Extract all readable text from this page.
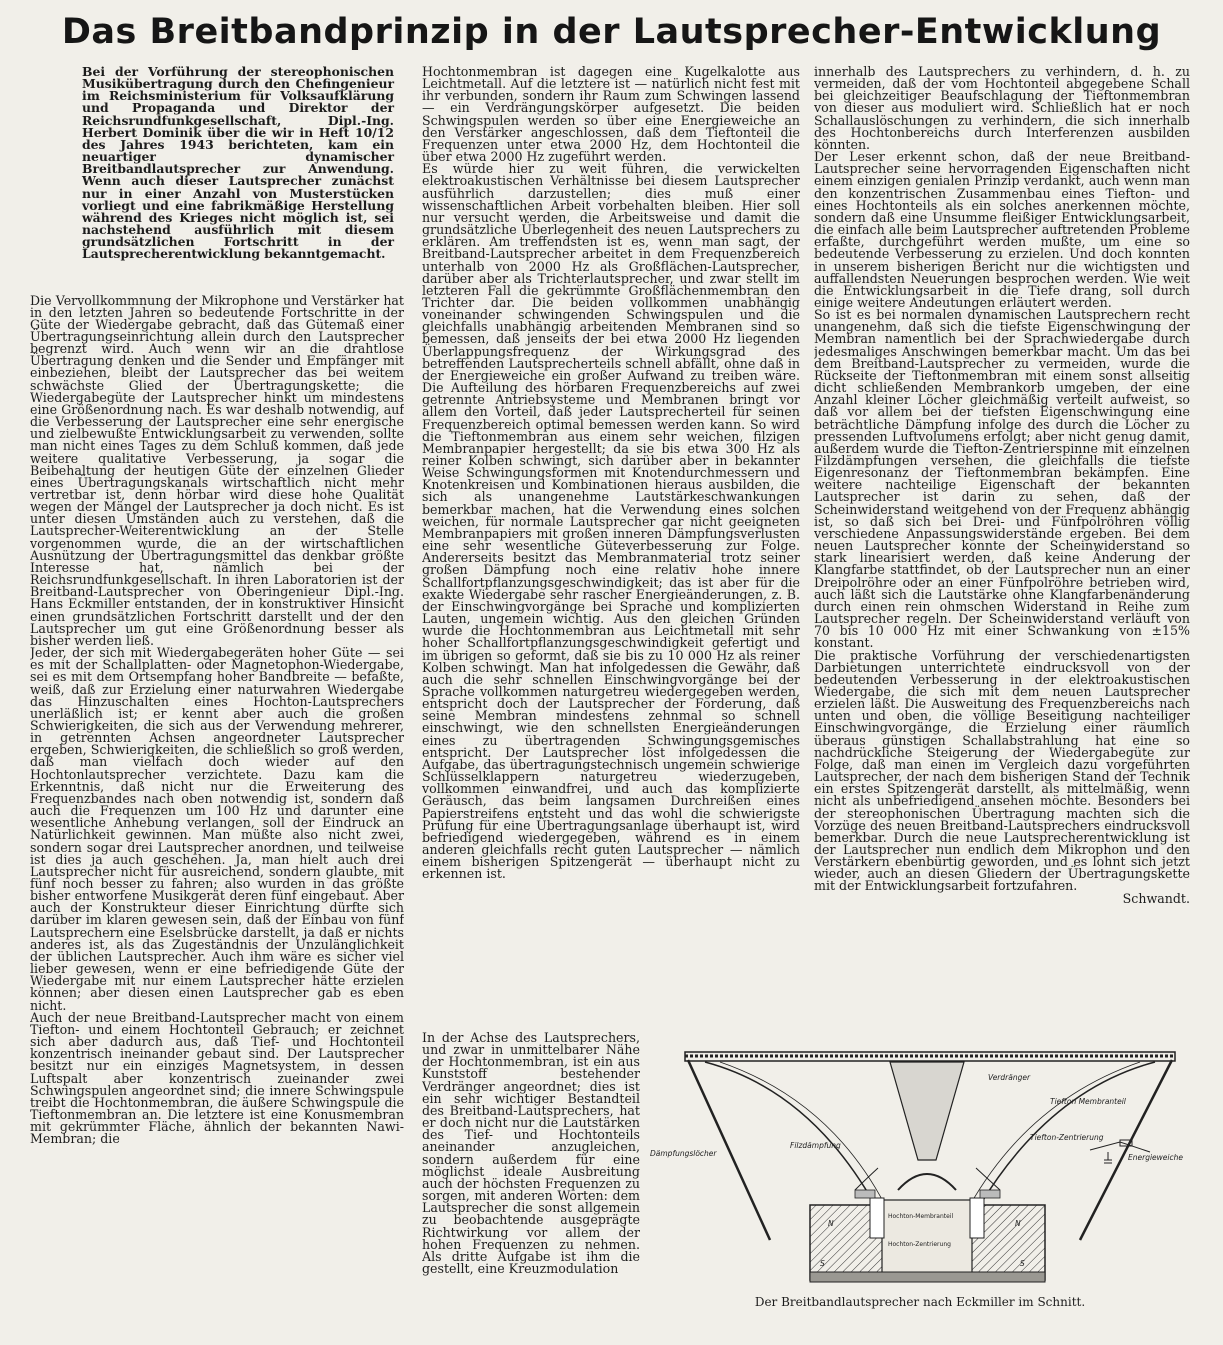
Das Breitbandprinzip in der Lautsprecher-Entwicklung

Bei der Vorführung der stereophonischen Musikübertragung durch den Chefingenieur im Reichsministerium für Volksaufklärung und Propaganda und Direktor der Reichsrundfunkgesellschaft, Dipl.-Ing. Herbert Dominik über die wir in Heft 10/12 des Jahres 1943 berichteten, kam ein neuartiger dynamischer Breitbandlautsprecher zur Anwendung. Wenn auch dieser Lautsprecher zunächst nur in einer Anzahl von Musterstücken vorliegt und eine fabrikmäßige Herstellung während des Krieges nicht möglich ist, sei nachstehend ausführlich mit diesem grundsätzlichen Fortschritt in der Lautsprecherentwicklung bekanntgemacht.

Die Vervollkommnung der Mikrophone und Verstärker hat in den letzten Jahren so bedeutende Fortschritte in der Güte der Wiedergabe gebracht, daß das Gütemaß einer Übertragungseinrichtung allein durch den Lautsprecher begrenzt wird. Auch wenn wir an die drahtlose Übertragung denken und die Sender und Empfänger mit einbeziehen, bleibt der Lautsprecher das bei weitem schwächste Glied der Übertragungskette; die Wiedergabegüte der Lautsprecher hinkt um mindestens eine Größenordnung nach. Es war deshalb notwendig, auf die Verbesserung der Lautsprecher eine sehr energische und zielbewußte Entwicklungsarbeit zu verwenden, sollte man nicht eines Tages zu dem Schluß kommen, daß jede weitere qualitative Verbesserung, ja sogar die Beibehaltung der heutigen Güte der einzelnen Glieder eines Übertragungskanals wirtschaftlich nicht mehr vertretbar ist, denn hörbar wird diese hohe Qualität wegen der Mängel der Lautsprecher ja doch nicht. Es ist unter diesen Umständen auch zu verstehen, daß die Lautsprecher-Weiterentwicklung an der Stelle vorgenommen wurde, die an der wirtschaftlichen Ausnützung der Übertragungsmittel das denkbar größte Interesse hat, nämlich bei der Reichsrundfunkgesellschaft. In ihren Laboratorien ist der Breitband-Lautsprecher von Oberingenieur Dipl.-Ing. Hans Eckmiller entstanden, der in konstruktiver Hinsicht einen grundsätzlichen Fortschritt darstellt und der den Lautsprecher um gut eine Größenordnung besser als bisher werden ließ.

Jeder, der sich mit Wiedergabegeräten hoher Güte — sei es mit der Schallplatten- oder Magnetophon-Wiedergabe, sei es mit dem Ortsempfang hoher Bandbreite — befaßte, weiß, daß zur Erzielung einer naturwahren Wiedergabe das Hinzuschalten eines Hochton-Lautsprechers unerläßlich ist; er kennt aber auch die großen Schwierigkeiten, die sich aus der Verwendung mehrerer, in getrennten Achsen angeordneter Lautsprecher ergeben, Schwierigkeiten, die schließlich so groß werden, daß man vielfach doch wieder auf den Hochtonlautsprecher verzichtete. Dazu kam die Erkenntnis, daß nicht nur die Erweiterung des Frequenzbandes nach oben notwendig ist, sondern daß auch die Frequenzen um 100 Hz und darunter eine wesentliche Anhebung verlangen, soll der Eindruck an Natürlichkeit gewinnen. Man müßte also nicht zwei, sondern sogar drei Lautsprecher anordnen, und teilweise ist dies ja auch geschehen. Ja, man hielt auch drei Lautsprecher nicht für ausreichend, sondern glaubte, mit fünf noch besser zu fahren; also wurden in das größte bisher entworfene Musikgerät deren fünf eingebaut. Aber auch der Konstrukteur dieser Einrichtung dürfte sich darüber im klaren gewesen sein, daß der Einbau von fünf Lautsprechern eine Eselsbrücke darstellt, ja daß er nichts anderes ist, als das Zugeständnis der Unzulänglichkeit der üblichen Lautsprecher. Auch ihm wäre es sicher viel lieber gewesen, wenn er eine befriedigende Güte der Wiedergabe mit nur einem Lautsprecher hätte erzielen können; aber diesen einen Lautsprecher gab es eben nicht.

Auch der neue Breitband-Lautsprecher macht von einem Tiefton- und einem Hochtonteil Gebrauch; er zeichnet sich aber dadurch aus, daß Tief- und Hochtonteil konzentrisch ineinander gebaut sind. Der Lautsprecher besitzt nur ein einziges Magnetsystem, in dessen Luftspalt aber konzentrisch zueinander zwei Schwingspulen angeordnet sind; die innere Schwingspule treibt die Hochtonmembran, die äußere Schwingspule die Tieftonmembran an. Die letztere ist eine Konusmembran mit gekrümmter Fläche, ähnlich der bekannten Nawi-Membran; die

Hochtonmembran ist dagegen eine Kugelkalotte aus Leichtmetall. Auf die letztere ist — natürlich nicht fest mit ihr verbunden, sondern ihr Raum zum Schwingen lassend — ein Verdrängungskörper aufgesetzt. Die beiden Schwingspulen werden so über eine Energieweiche an den Verstärker angeschlossen, daß dem Tieftonteil die Frequenzen unter etwa 2000 Hz, dem Hochtonteil die über etwa 2000 Hz zugeführt werden.

Es würde hier zu weit führen, die verwickelten elektroakustischen Verhältnisse bei diesem Lautsprecher ausführlich darzustellen; dies muß einer wissenschaftlichen Arbeit vorbehalten bleiben. Hier soll nur versucht werden, die Arbeitsweise und damit die grundsätzliche Überlegenheit des neuen Lautsprechers zu erklären. Am treffendsten ist es, wenn man sagt, der Breitband-Lautsprecher arbeitet in dem Frequenzbereich unterhalb von 2000 Hz als Großflächen-Lautsprecher, darüber aber als Trichterlautsprecher, und zwar stellt im letzteren Fall die gekrümmte Großflächenmembran den Trichter dar. Die beiden vollkommen unabhängig voneinander schwingenden Schwingspulen und die gleichfalls unabhängig arbeitenden Membranen sind so bemessen, daß jenseits der bei etwa 2000 Hz liegenden Überlappungsfrequenz der Wirkungsgrad des betreffenden Lautsprecherteils schnell abfällt, ohne daß in der Energieweiche ein großer Aufwand zu treiben wäre. Die Aufteilung des hörbaren Frequenzbereichs auf zwei getrennte Antriebsysteme und Membranen bringt vor allem den Vorteil, daß jeder Lautsprecherteil für seinen Frequenzbereich optimal bemessen werden kann. So wird die Tieftonmembran aus einem sehr weichen, filzigen Membranpapier hergestellt; da sie bis etwa 300 Hz als reiner Kolben schwingt, sich darüber aber in bekannter Weise Schwingungsformen mit Knotendurchmessern und Knotenkreisen und Kombinationen hieraus ausbilden, die sich als unangenehme Lautstärkeschwankungen bemerkbar machen, hat die Verwendung eines solchen weichen, für normale Lautsprecher gar nicht geeigneten Membranpapiers mit großen inneren Dämpfungsverlusten eine sehr wesentliche Güteverbesserung zur Folge. Andererseits besitzt das Membranmaterial trotz seiner großen Dämpfung noch eine relativ hohe innere Schallfortpflanzungsgeschwindigkeit; das ist aber für die exakte Wiedergabe sehr rascher Energieänderungen, z. B. der Einschwingvorgänge bei Sprache und komplizierten Lauten, ungemein wichtig. Aus den gleichen Gründen wurde die Hochtonmembran aus Leichtmetall mit sehr hoher Schallfortpflanzungsgeschwindigkeit gefertigt und im übrigen so geformt, daß sie bis zu 10 000 Hz als reiner Kolben schwingt. Man hat infolgedessen die Gewähr, daß auch die sehr schnellen Einschwingvorgänge bei der Sprache vollkommen naturgetreu wiedergegeben werden, entspricht doch der Lautsprecher der Forderung, daß seine Membran mindestens zehnmal so schnell einschwingt, wie den schnellsten Energieänderungen eines zu übertragenden Schwingungsgemisches entspricht. Der Lautsprecher löst infolgedessen die Aufgabe, das übertragungstechnisch ungemein schwierige Schlüsselklappern naturgetreu wiederzugeben, vollkommen einwandfrei, und auch das komplizierte Geräusch, das beim langsamen Durchreißen eines Papierstreifens entsteht und das wohl die schwierigste Prüfung für eine Übertragungsanlage überhaupt ist, wird befriedigend wiedergegeben, während es in einem anderen gleichfalls recht guten Lautsprecher — nämlich einem bisherigen Spitzengerät — überhaupt nicht zu erkennen ist.

In der Achse des Lautsprechers, und zwar in unmittelbarer Nähe der Hochtonmembran, ist ein aus Kunststoff bestehender Verdränger angeordnet; dies ist ein sehr wichtiger Bestandteil des Breitband-Lautsprechers, hat er doch nicht nur die Lautstärken des Tief- und Hochtonteils aneinander anzugleichen, sondern außerdem für eine möglichst ideale Ausbreitung auch der höchsten Frequenzen zu sorgen, mit anderen Worten: dem Lautsprecher die sonst allgemein zu beobachtende ausgeprägte Richtwirkung vor allem der hohen Frequenzen zu nehmen. Als dritte Aufgabe ist ihm die gestellt, eine Kreuzmodulation

innerhalb des Lautsprechers zu verhindern, d. h. zu vermeiden, daß der vom Hochtonteil abgegebene Schall bei gleichzeitiger Beaufschlagung der Tieftonmembran von dieser aus moduliert wird. Schließlich hat er noch Schallauslöschungen zu verhindern, die sich innerhalb des Hochtonbereichs durch Interferenzen ausbilden könnten.

Der Leser erkennt schon, daß der neue Breitband-Lautsprecher seine hervorragenden Eigenschaften nicht einem einzigen genialen Prinzip verdankt, auch wenn man den konzentrischen Zusammenbau eines Tiefton- und eines Hochtonteils als ein solches anerkennen möchte, sondern daß eine Unsumme fleißiger Entwicklungsarbeit, die einfach alle beim Lautsprecher auftretenden Probleme erfaßte, durchgeführt werden mußte, um eine so bedeutende Verbesserung zu erzielen. Und doch konnten in unserem bisherigen Bericht nur die wichtigsten und auffallendsten Neuerungen besprochen werden. Wie weit die Entwicklungsarbeit in die Tiefe drang, soll durch einige weitere Andeutungen erläutert werden.

So ist es bei normalen dynamischen Lautsprechern recht unangenehm, daß sich die tiefste Eigenschwingung der Membran namentlich bei der Sprachwiedergabe durch jedesmaliges Anschwingen bemerkbar macht. Um das bei dem Breitband-Lautsprecher zu vermeiden, wurde die Rückseite der Tieftonmembran mit einem sonst allseitig dicht schließenden Membrankorb umgeben, der eine Anzahl kleiner Löcher gleichmäßig verteilt aufweist, so daß vor allem bei der tiefsten Eigenschwingung eine beträchtliche Dämpfung infolge des durch die Löcher zu pressenden Luftvolumens erfolgt; aber nicht genug damit, außerdem wurde die Tiefton-Zentrierspinne mit einzelnen Filzdämpfungen versehen, die gleichfalls die tiefste Eigenresonanz der Tieftonmembran bekämpfen. Eine weitere nachteilige Eigenschaft der bekannten Lautsprecher ist darin zu sehen, daß der Scheinwiderstand weitgehend von der Frequenz abhängig ist, so daß sich bei Drei- und Fünfpolröhren völlig verschiedene Anpassungswiderstände ergeben. Bei dem neuen Lautsprecher konnte der Scheinwiderstand so stark linearisiert werden, daß keine Änderung der Klangfarbe stattfindet, ob der Lautsprecher nun an einer Dreipolröhre oder an einer Fünfpolröhre betrieben wird, auch läßt sich die Lautstärke ohne Klangfarbenänderung durch einen rein ohmschen Widerstand in Reihe zum Lautsprecher regeln. Der Scheinwiderstand verläuft von 70 bis 10 000 Hz mit einer Schwankung von ±15% konstant.

Die praktische Vorführung der verschiedenartigsten Darbietungen unterrichtete eindrucksvoll von der bedeutenden Verbesserung in der elektroakustischen Wiedergabe, die sich mit dem neuen Lautsprecher erzielen läßt. Die Ausweitung des Frequenzbereichs nach unten und oben, die völlige Beseitigung nachteiliger Einschwingvorgänge, die Erzielung einer räumlich überaus günstigen Schallabstrahlung hat eine so nachdrückliche Steigerung der Wiedergabegüte zur Folge, daß man einen im Vergleich dazu vorgeführten Lautsprecher, der nach dem bisherigen Stand der Technik ein erstes Spitzengerät darstellt, als mittelmäßig, wenn nicht als unbefriedigend ansehen möchte. Besonders bei der stereophonischen Übertragung machten sich die Vorzüge des neuen Breitband-Lautsprechers eindrucksvoll bemerkbar. Durch die neue Lautsprecherentwicklung ist der Lautsprecher nun endlich dem Mikrophon und den Verstärkern ebenbürtig geworden, und es lohnt sich jetzt wieder, auch an diesen Gliedern der Übertragungskette mit der Entwicklungsarbeit fortzufahren.

Schwandt.

Verdränger
Tiefton Membranteil
Tiefton-Zentrierung
Energieweiche
Dämpfungslöcher
Filzdämpfung
Hochton-Membranteil
Hochton-Zentrierung
N	N
S	S
Der Breitbandlautsprecher nach Eckmiller im Schnitt.
